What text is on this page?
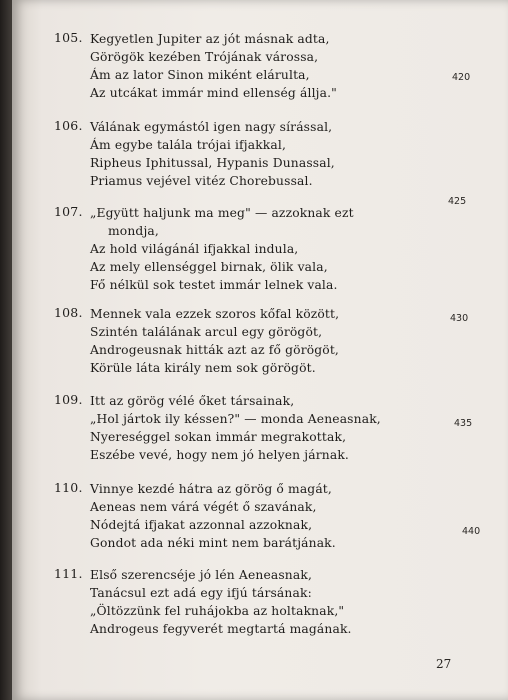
105. Kegyetlen Jupiter az jót másnak adta,
Görögök kezében Trójának várossa,
Ám az lator Sinon miként elárulta,
Az utcákat immár mind ellenség állja."
420
106. Válának egymástól igen nagy sírással,
Ám egybe talála trójai ifjakkal,
Ripheus Iphitussal, Hypanis Dunassal,
Priamus vejével vitéz Chorebussal.
107. „Együtt haljunk ma meg" — azzoknak ezt
mondja,
Az hold világánál ifjakkal indula,
Az mely ellenséggel birnak, ölik vala,
Fő nélkül sok testet immár lelnek vala.
425
108. Mennek vala ezzek szoros kőfal között,
Szintén találának arcul egy görögöt,
Androgeusnak hitták azt az fő görögöt,
Körüle láta király nem sok görögöt.
430
109. Itt az görög vélé őket társainak,
„Hol jártok ily késsen?" — monda Aeneasnak,
Nyereséggel sokan immár megrakottak,
Eszébe vevé, hogy nem jó helyen járnak.
435
110. Vinnye kezdé hátra az görög ő magát,
Aeneas nem várá végét ő szavának,
Nódejtá ifjakat azzonnal azzoknak,
Gondot ada néki mint nem barátjának.
440
111. Első szerencséje jó lén Aeneasnak,
Tanácsul ezt adá egy ifjú társának:
„Öltözzünk fel ruhájokba az holtaknak,"
Androgeus fegyverét megtartá magának.
27
